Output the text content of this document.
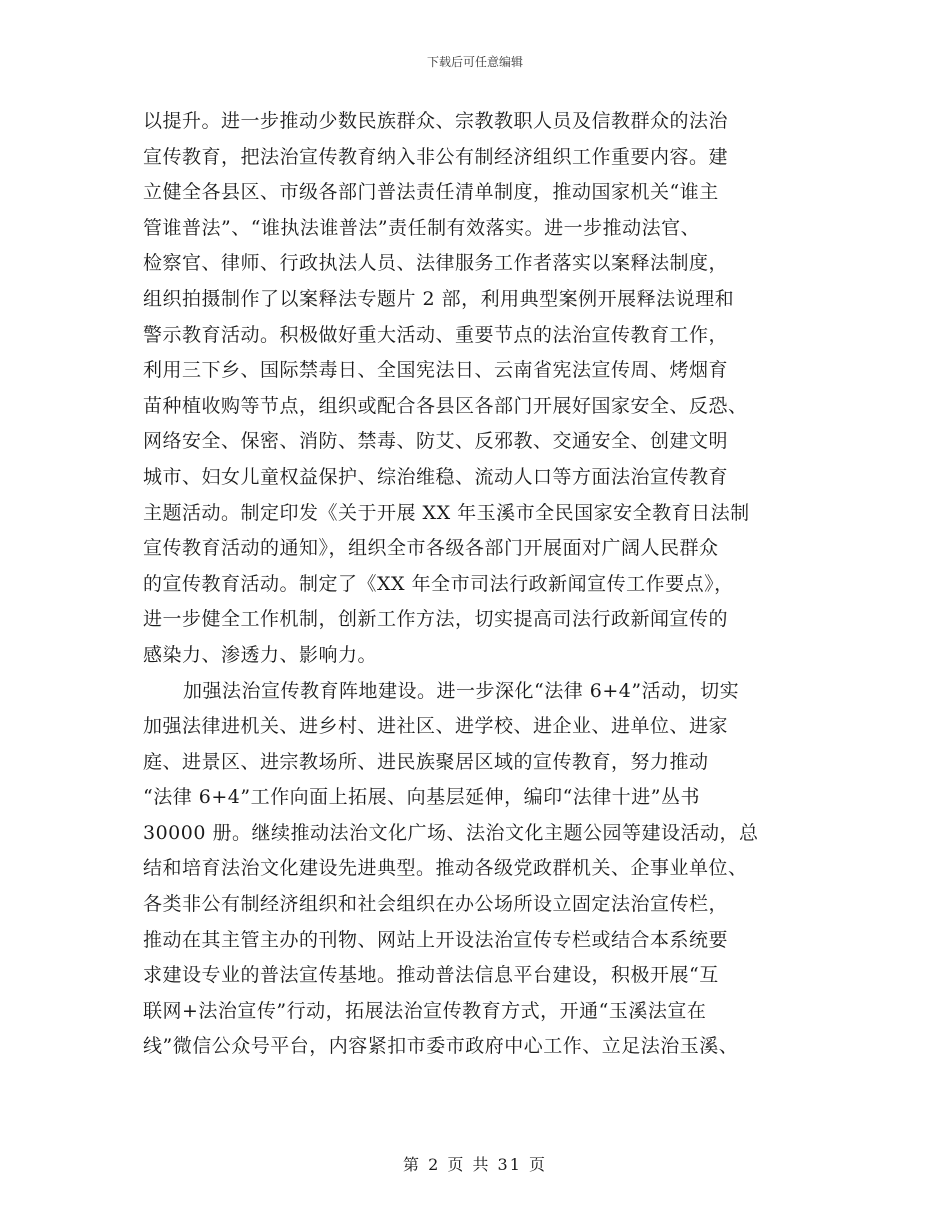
下载后可任意编辑
以提升。进一步推动少数民族群众、宗教教职人员及信教群众的法治
宣传教育，把法治宣传教育纳入非公有制经济组织工作重要内容。建
立健全各县区、市级各部门普法责任清单制度，推动国家机关“谁主
管谁普法”、“谁执法谁普法”责任制有效落实。进一步推动法官、
检察官、律师、行政执法人员、法律服务工作者落实以案释法制度，
组织拍摄制作了以案释法专题片 2 部，利用典型案例开展释法说理和
警示教育活动。积极做好重大活动、重要节点的法治宣传教育工作，
利用三下乡、国际禁毒日、全国宪法日、云南省宪法宣传周、烤烟育
苗种植收购等节点，组织或配合各县区各部门开展好国家安全、反恐、
网络安全、保密、消防、禁毒、防艾、反邪教、交通安全、创建文明
城市、妇女儿童权益保护、综治维稳、流动人口等方面法治宣传教育
主题活动。制定印发《关于开展 XX 年玉溪市全民国家安全教育日法制
宣传教育活动的通知》，组织全市各级各部门开展面对广阔人民群众
的宣传教育活动。制定了《XX 年全市司法行政新闻宣传工作要点》，
进一步健全工作机制，创新工作方法，切实提高司法行政新闻宣传的
感染力、渗透力、影响力。
加强法治宣传教育阵地建设。进一步深化“法律 6+4”活动，切实
加强法律进机关、进乡村、进社区、进学校、进企业、进单位、进家
庭、进景区、进宗教场所、进民族聚居区域的宣传教育，努力推动
“法律 6+4”工作向面上拓展、向基层延伸，编印“法律十进”丛书
30000 册。继续推动法治文化广场、法治文化主题公园等建设活动，总
结和培育法治文化建设先进典型。推动各级党政群机关、企事业单位、
各类非公有制经济组织和社会组织在办公场所设立固定法治宣传栏，
推动在其主管主办的刊物、网站上开设法治宣传专栏或结合本系统要
求建设专业的普法宣传基地。推动普法信息平台建设，积极开展“互
联网+法治宣传”行动，拓展法治宣传教育方式，开通“玉溪法宣在
线”微信公众号平台，内容紧扣市委市政府中心工作、立足法治玉溪、
第 2 页 共 31 页
